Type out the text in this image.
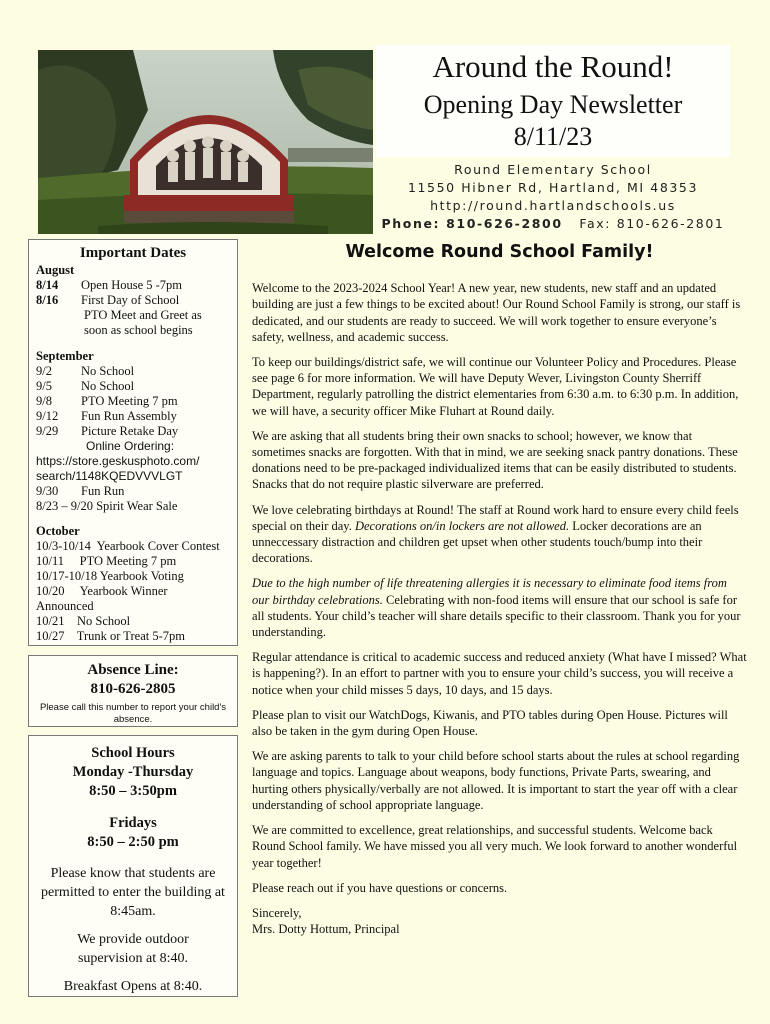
Around the Round!
Opening Day Newsletter
8/11/23
Round Elementary School
11550 Hibner Rd, Hartland, MI 48353
http://round.hartlandschools.us
Phone: 810-626-2800 Fax: 810-626-2801
Important Dates
August
8/14 Open House 5 -7pm
8/16 First Day of School
PTO Meet and Greet as
soon as school begins
September
9/2 No School
9/5 No School
9/8 PTO Meeting 7 pm
9/12 Fun Run Assembly
9/29 Picture Retake Day
Online Ordering:
https://store.geskusphoto.com/
search/1148KQEDVVVLGT
9/30 Fun Run
8/23 – 9/20 Spirit Wear Sale
October
10/3-10/14  Yearbook Cover Contest
10/11     PTO Meeting 7 pm
10/17-10/18 Yearbook Voting
10/20     Yearbook Winner
Announced
10/21    No School
10/27    Trunk or Treat 5-7pm
Absence Line:
810-626-2805
Please call this number to report your child's absence.
School Hours
Monday -Thursday
8:50 – 3:50pm
Fridays
8:50 – 2:50 pm
Please know that students are permitted to enter the building at 8:45am.
We provide outdoor supervision at 8:40.
Breakfast Opens at 8:40.
Welcome Round School Family!

Welcome to the 2023-2024 School Year! A new year, new students, new staff and an updated building are just a few things to be excited about! Our Round School Family is strong, our staff is dedicated, and our students are ready to succeed. We will work together to ensure everyone’s safety, wellness, and academic success.

To keep our buildings/district safe, we will continue our Volunteer Policy and Procedures. Please see page 6 for more information. We will have Deputy Wever, Livingston County Sherriff Department, regularly patrolling the district elementaries from 6:30 a.m. to 6:30 p.m. In addition, we will have, a security officer Mike Fluhart at Round daily.

We are asking that all students bring their own snacks to school; however, we know that sometimes snacks are forgotten. With that in mind, we are seeking snack pantry donations. These donations need to be pre-packaged individualized items that can be easily distributed to students. Snacks that do not require plastic silverware are preferred.

We love celebrating birthdays at Round! The staff at Round work hard to ensure every child feels special on their day. Decorations on/in lockers are not allowed. Locker decorations are an unneccessary distraction and children get upset when other students touch/bump into their decorations.

Due to the high number of life threatening allergies it is necessary to eliminate food items from our birthday celebrations. Celebrating with non-food items will ensure that our school is safe for all students. Your child’s teacher will share details specific to their classroom. Thank you for your understanding.

Regular attendance is critical to academic success and reduced anxiety (What have I missed? What is happening?). In an effort to partner with you to ensure your child’s success, you will receive a notice when your child misses 5 days, 10 days, and 15 days.

Please plan to visit our WatchDogs, Kiwanis, and PTO tables during Open House. Pictures will also be taken in the gym during Open House.

We are asking parents to talk to your child before school starts about the rules at school regarding language and topics. Language about weapons, body functions, Private Parts, swearing, and hurting others physically/verbally are not allowed. It is important to start the year off with a clear understanding of school appropriate language.

We are committed to excellence, great relationships, and successful students. Welcome back Round School family. We have missed you all very much. We look forward to another wonderful year together!

Please reach out if you have questions or concerns.

Sincerely,
Mrs. Dotty Hottum, Principal
